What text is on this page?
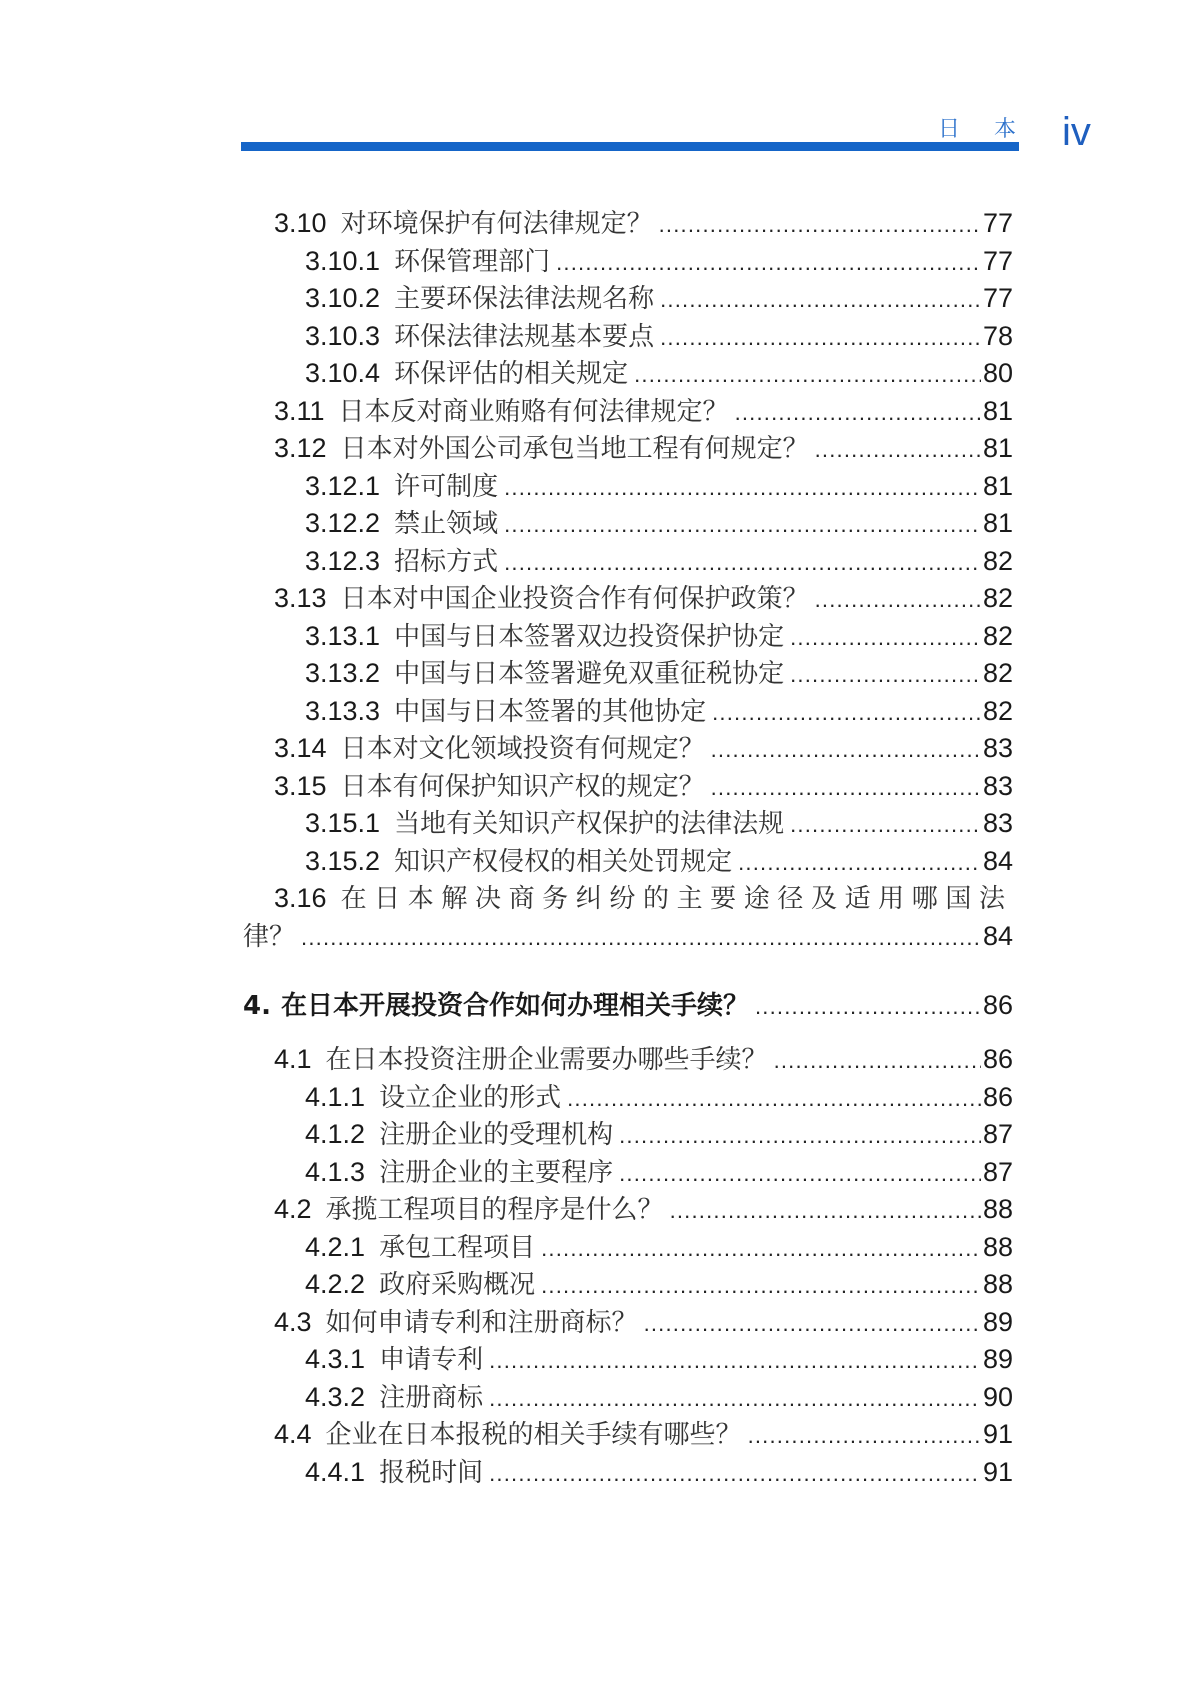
日 本 iv
3.10 对环境保护有何法律规定？ .....	77
3.10.1 环保管理部门 .....	77
3.10.2 主要环保法律法规名称 .....	77
3.10.3 环保法律法规基本要点 .....	78
3.10.4 环保评估的相关规定 .....	80
3.11 日本反对商业贿赂有何法律规定？ .....	81
3.12 日本对外国公司承包当地工程有何规定？ .....	81
3.12.1 许可制度 .....	81
3.12.2 禁止领域 .....	81
3.12.3 招标方式 .....	82
3.13 日本对中国企业投资合作有何保护政策？ .....	82
3.13.1 中国与日本签署双边投资保护协定 .....	82
3.13.2 中国与日本签署避免双重征税协定 .....	82
3.13.3 中国与日本签署的其他协定 .....	82
3.14 日本对文化领域投资有何规定？ .....	83
3.15 日本有何保护知识产权的规定？ .....	83
3.15.1 当地有关知识产权保护的法律法规 .....	83
3.15.2 知识产权侵权的相关处罚规定 .....	84
3.16 在日本解决商务纠纷的主要途径及适用哪国法
律？ .....	84
4. 在日本开展投资合作如何办理相关手续？ .....	86
4.1 在日本投资注册企业需要办哪些手续？ .....	86
4.1.1 设立企业的形式 .....	86
4.1.2 注册企业的受理机构 .....	87
4.1.3 注册企业的主要程序 .....	87
4.2 承揽工程项目的程序是什么？ .....	88
4.2.1 承包工程项目 .....	88
4.2.2 政府采购概况 .....	88
4.3 如何申请专利和注册商标？ .....	89
4.3.1 申请专利 .....	89
4.3.2 注册商标 .....	90
4.4 企业在日本报税的相关手续有哪些？ .....	91
4.4.1 报税时间 .....	91
